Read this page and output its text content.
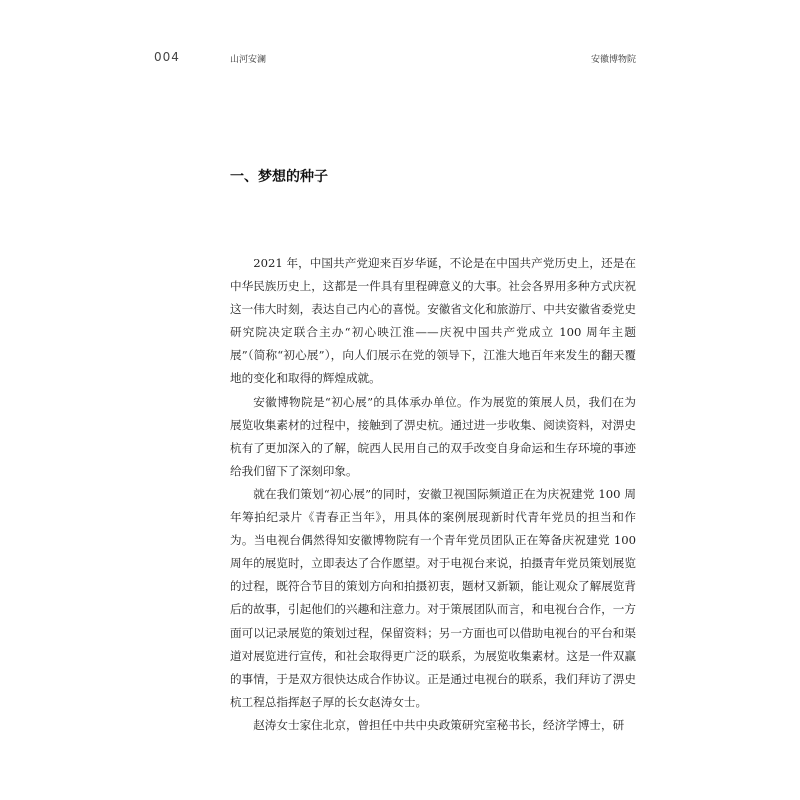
004	山河安澜	安徽博物院
一、梦想的种子

2021 年，中国共产党迎来百岁华诞，不论是在中国共产党历史上，还是在中华民族历史上，这都是一件具有里程碑意义的大事。社会各界用多种方式庆祝这一伟大时刻，表达自己内心的喜悦。安徽省文化和旅游厅、中共安徽省委党史研究院决定联合主办“初心映江淮——庆祝中国共产党成立 100 周年主题展”（简称“初心展”），向人们展示在党的领导下，江淮大地百年来发生的翻天覆地的变化和取得的辉煌成就。

安徽博物院是“初心展”的具体承办单位。作为展览的策展人员，我们在为展览收集素材的过程中，接触到了淠史杭。通过进一步收集、阅读资料，对淠史杭有了更加深入的了解，皖西人民用自己的双手改变自身命运和生存环境的事迹给我们留下了深刻印象。

就在我们策划“初心展”的同时，安徽卫视国际频道正在为庆祝建党 100 周年筹拍纪录片《青春正当年》，用具体的案例展现新时代青年党员的担当和作为。当电视台偶然得知安徽博物院有一个青年党员团队正在筹备庆祝建党 100 周年的展览时，立即表达了合作愿望。对于电视台来说，拍摄青年党员策划展览的过程，既符合节目的策划方向和拍摄初衷，题材又新颖，能让观众了解展览背后的故事，引起他们的兴趣和注意力。对于策展团队而言，和电视台合作，一方面可以记录展览的策划过程，保留资料；另一方面也可以借助电视台的平台和渠道对展览进行宣传，和社会取得更广泛的联系，为展览收集素材。这是一件双赢的事情，于是双方很快达成合作协议。正是通过电视台的联系，我们拜访了淠史杭工程总指挥赵子厚的长女赵涛女士。

赵涛女士家住北京，曾担任中共中央政策研究室秘书长，经济学博士，研
